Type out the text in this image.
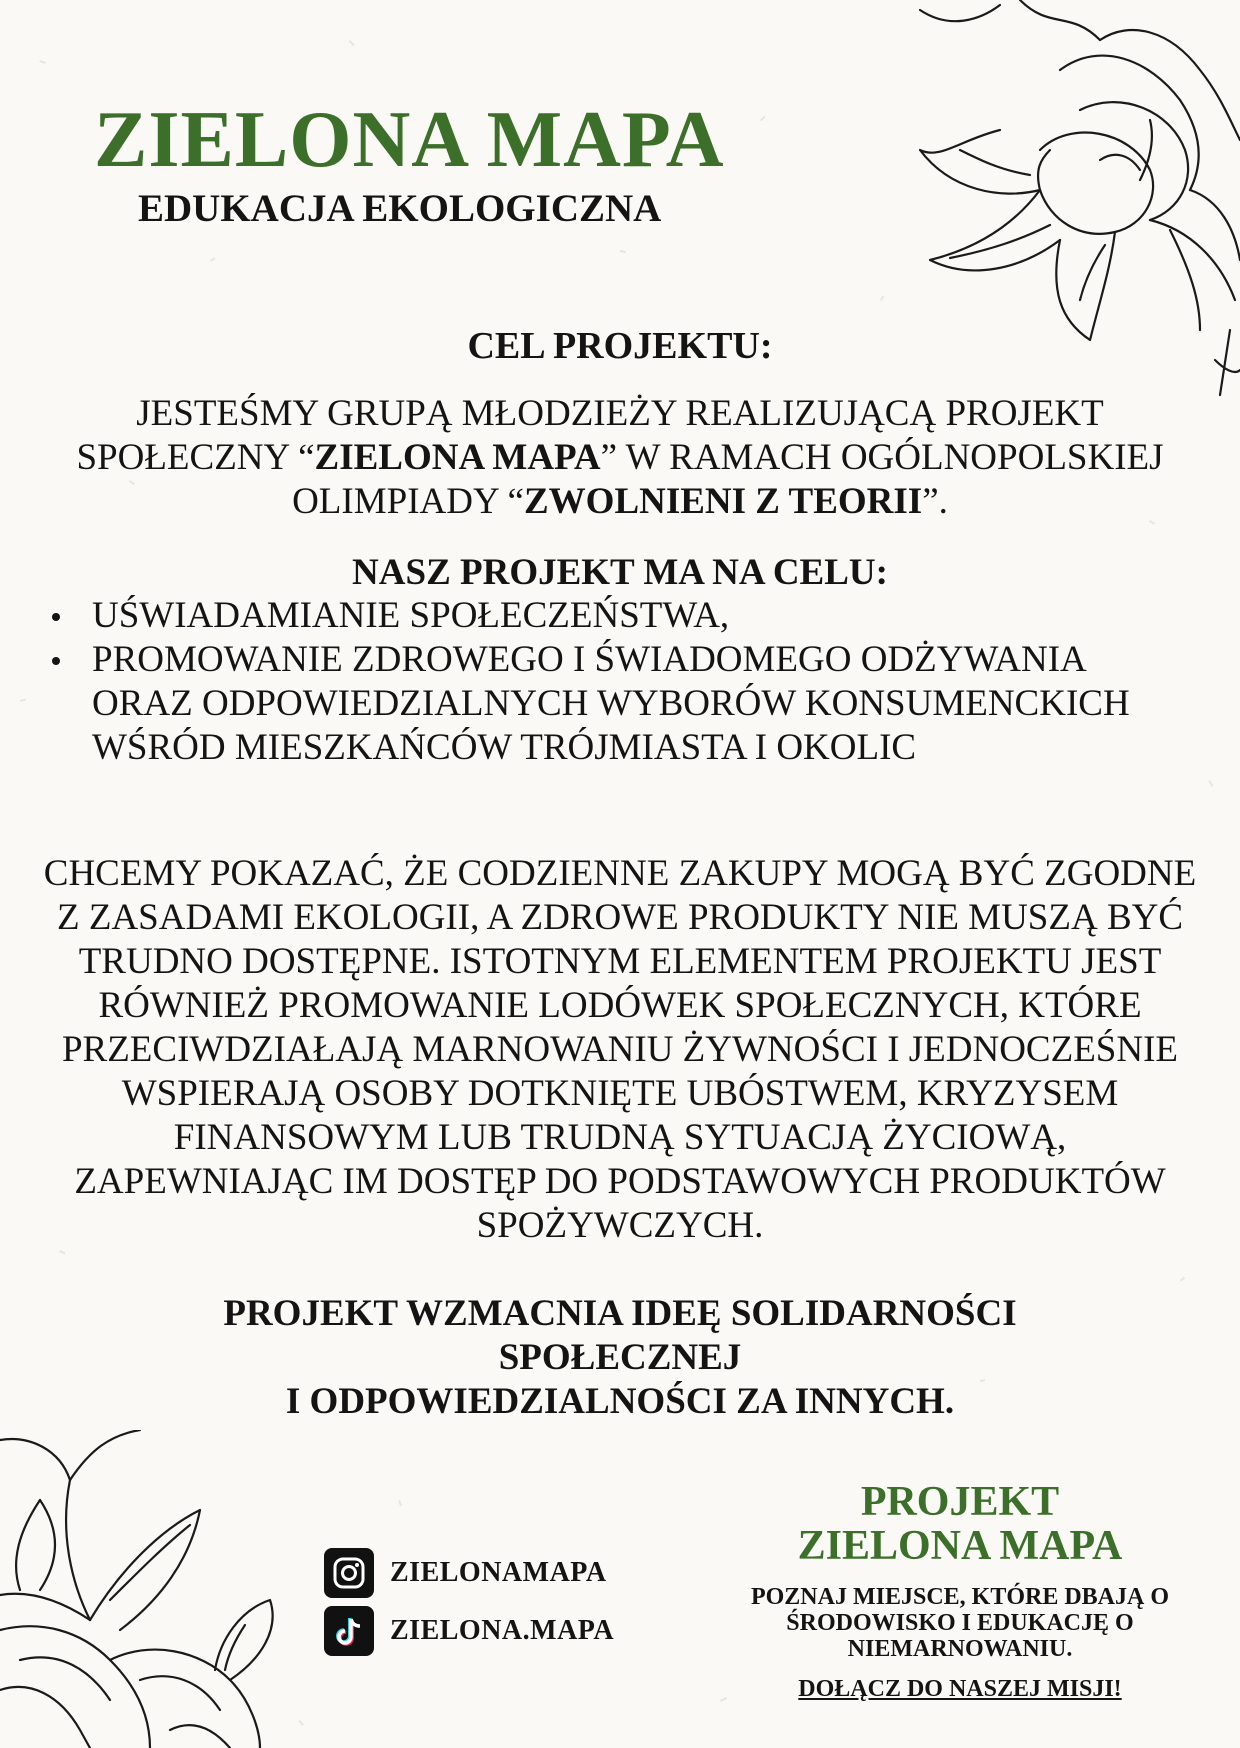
ZIELONA MAPA
EDUKACJA EKOLOGICZNA
CEL PROJEKTU:
JESTEŚMY GRUPĄ MŁODZIEŻY REALIZUJĄCĄ PROJEKT SPOŁECZNY “ZIELONA MAPA” W RAMACH OGÓLNOPOLSKIEJ OLIMPIADY “ZWOLNIENI Z TEORII”.
NASZ PROJEKT MA NA CELU:
UŚWIADAMIANIE SPOŁECZEŃSTWA,
PROMOWANIE ZDROWEGO I ŚWIADOMEGO ODŻYWANIA ORAZ ODPOWIEDZIALNYCH WYBORÓW KONSUMENCKICH WŚRÓD MIESZKAŃCÓW TRÓJMIASTA I OKOLIC
CHCEMY POKAZAĆ, ŻE CODZIENNE ZAKUPY MOGĄ BYĆ ZGODNE Z ZASADAMI EKOLOGII, A ZDROWE PRODUKTY NIE MUSZĄ BYĆ TRUDNO DOSTĘPNE. ISTOTNYM ELEMENTEM PROJEKTU JEST RÓWNIEŻ PROMOWANIE LODÓWEK SPOŁECZNYCH, KTÓRE PRZECIWDZIAŁAJĄ MARNOWANIU ŻYWNOŚCI I JEDNOCZEŚNIE WSPIERAJĄ OSOBY DOTKNIĘTE UBÓSTWEM, KRYZYSEM FINANSOWYM LUB TRUDNĄ SYTUACJĄ ŻYCIOWĄ, ZAPEWNIAJĄC IM DOSTĘP DO PODSTAWOWYCH PRODUKTÓW SPOŻYWCZYCH.
PROJEKT WZMACNIA IDEĘ SOLIDARNOŚCI SPOŁECZNEJ
I ODPOWIEDZIALNOŚCI ZA INNYCH.
ZIELONAMAPA
ZIELONA.MAPA
PROJEKT
ZIELONA MAPA
POZNAJ MIEJSCE, KTÓRE DBAJĄ O ŚRODOWISKO I EDUKACJĘ O NIEMARNOWANIU.
DOŁĄCZ DO NASZEJ MISJI!
